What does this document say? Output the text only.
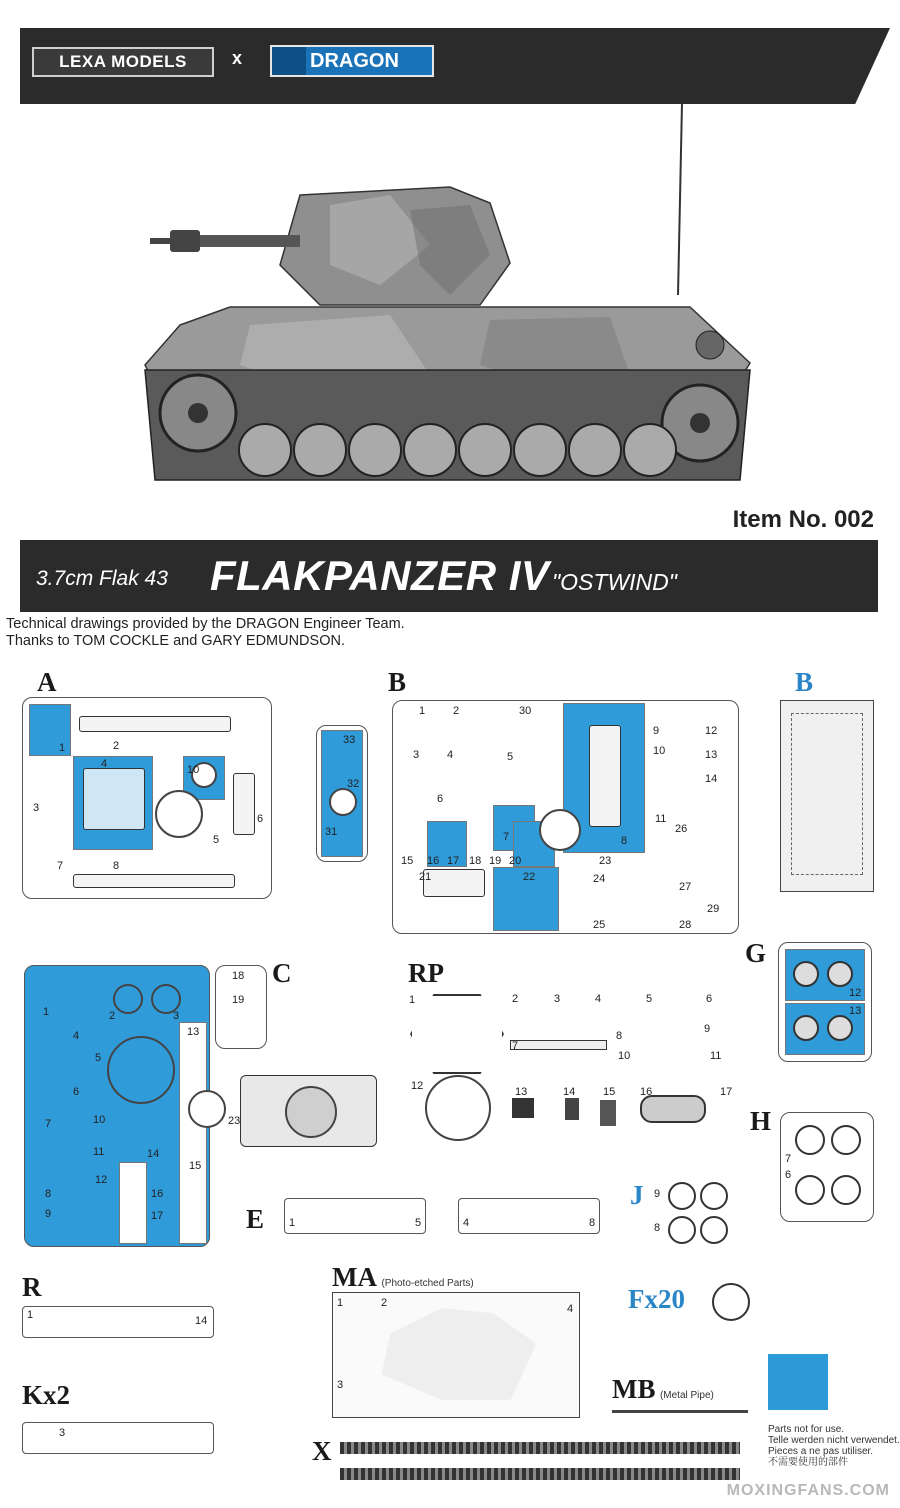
LEXA MODELS	x	DRAGON
Item No. 002
3.7cm Flak 43 FLAKPANZER IV "OSTWIND"
Technical drawings provided by the DRAGON Engineer Team.
Thanks to TOM COCKLE and GARY EDMUNDSON.
A
1	2
3
4
5
6
7	8
10
B
33
32
31
1	2
3	4	5
6
7	8
9
10
11
12
13
14
15 16 17 18 19 20
21	22
23
24
25
26
27
28
29
30
B
C
1	2	3
4
5
6
7
8
9
10
11
12
13
14
15
16
17
18
19
23
RP
1	2	3	4	5	6
7
8
9
10	11
12	13	14	15 16	17
G
12
13
H
7
6
J 9
8
E 1	5	4	8
Fx20
R
1	14
MA (Photo-etched Parts)
1	2
3
4
MB (Metal Pipe)
Parts not for use.
Telle werden nicht verwendet.
Pieces a ne pas utiliser.
不需要使用的部件
Kx2
3
X
MOXINGFANS.COM
